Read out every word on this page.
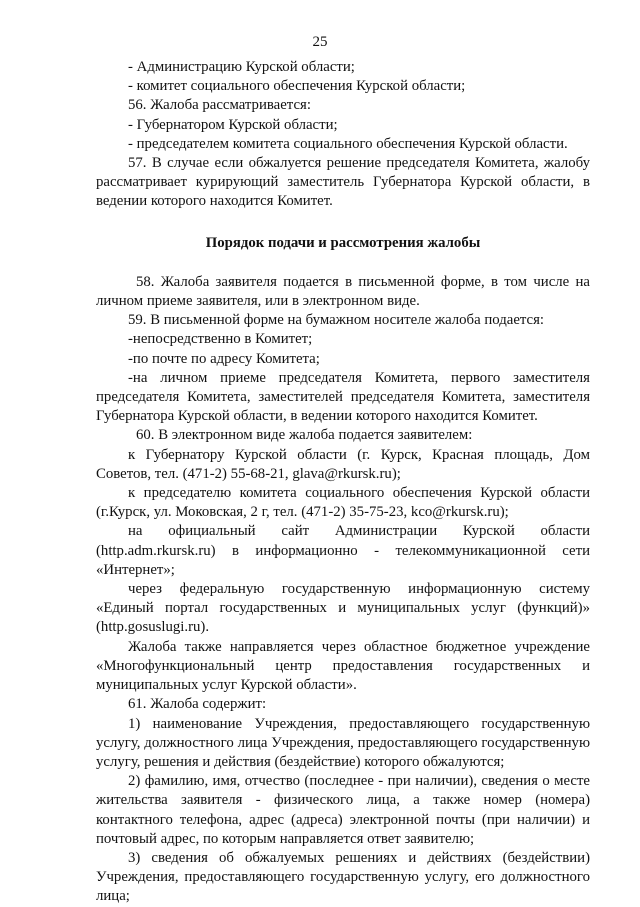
25

- Администрацию Курской области;

- комитет социального обеспечения Курской области;

56. Жалоба рассматривается:

- Губернатором Курской области;

- председателем комитета социального обеспечения Курской области.

57. В случае если обжалуется решение председателя Комитета, жалобу рассматривает курирующий заместитель Губернатора Курской области, в ведении которого находится Комитет.

Порядок подачи и рассмотрения жалобы

58. Жалоба заявителя подается в письменной форме, в том числе на личном приеме заявителя, или в электронном виде.

59. В письменной форме на бумажном носителе жалоба подается:

-непосредственно в Комитет;

-по почте по адресу Комитета;

-на личном приеме председателя Комитета, первого заместителя председателя Комитета, заместителей председателя Комитета, заместителя Губернатора Курской области, в ведении которого находится Комитет.

60. В электронном виде жалоба подается заявителем:

к Губернатору Курской области (г. Курск, Красная площадь, Дом Советов, тел. (471-2) 55-68-21, glava@rkursk.ru);

к председателю комитета социального обеспечения Курской области (г.Курск, ул. Моковская, 2 г, тел. (471-2) 35-75-23, kco@rkursk.ru);

на официальный сайт Администрации Курской области (http.adm.rkursk.ru) в информационно - телекоммуникационной сети «Интернет»;

через федеральную государственную информационную систему «Единый портал государственных и муниципальных услуг (функций)» (http.gosuslugi.ru).

Жалоба также направляется через областное бюджетное учреждение «Многофункциональный центр предоставления государственных и муниципальных услуг Курской области».

61. Жалоба содержит:

1) наименование Учреждения, предоставляющего государственную услугу, должностного лица Учреждения, предоставляющего государственную услугу, решения и действия (бездействие) которого обжалуются;

2) фамилию, имя, отчество (последнее - при наличии), сведения о месте жительства заявителя - физического лица, а также номер (номера) контактного телефона, адрес (адреса) электронной почты (при наличии) и почтовый адрес, по которым направляется ответ заявителю;

3) сведения об обжалуемых решениях и действиях (бездействии) Учреждения, предоставляющего государственную услугу, его должностного лица;
